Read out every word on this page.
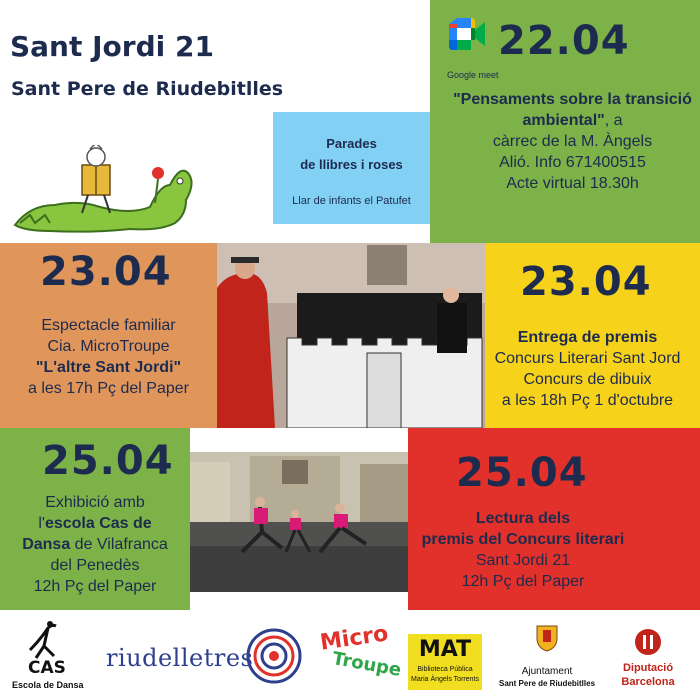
Sant Jordi 21
Sant Pere de Riudebitlles
22.04
Google meet
"Pensaments sobre la transició ambiental", a
càrrec de la M. Àngels
Alió. Info 671400515
Acte virtual 18.30h
Parades
de llibres i roses
Llar de infants el Patufet
23.04
Espectacle familiar
Cia. MicroTroupe
"L'altre Sant Jordi"
a les 17h Pç del Paper
23.04
Entrega de premis
Concurs Literari Sant Jord
Concurs de dibuix
a les 18h Pç 1 d'octubre
25.04
Exhibició amb
l'escola Cas de
Dansa de Vilafranca
del Penedès
12h Pç del Paper
25.04
Lectura dels
premis del Concurs literari
Sant Jordi 21
12h Pç del Paper
CAS
Escola de Dansa
riudelletres
Micro
Troupe MAT
Biblioteca Pública
Maria Àngels Torrents
Ajuntament
Sant Pere de Riudebitlles
Diputació
Barcelona
